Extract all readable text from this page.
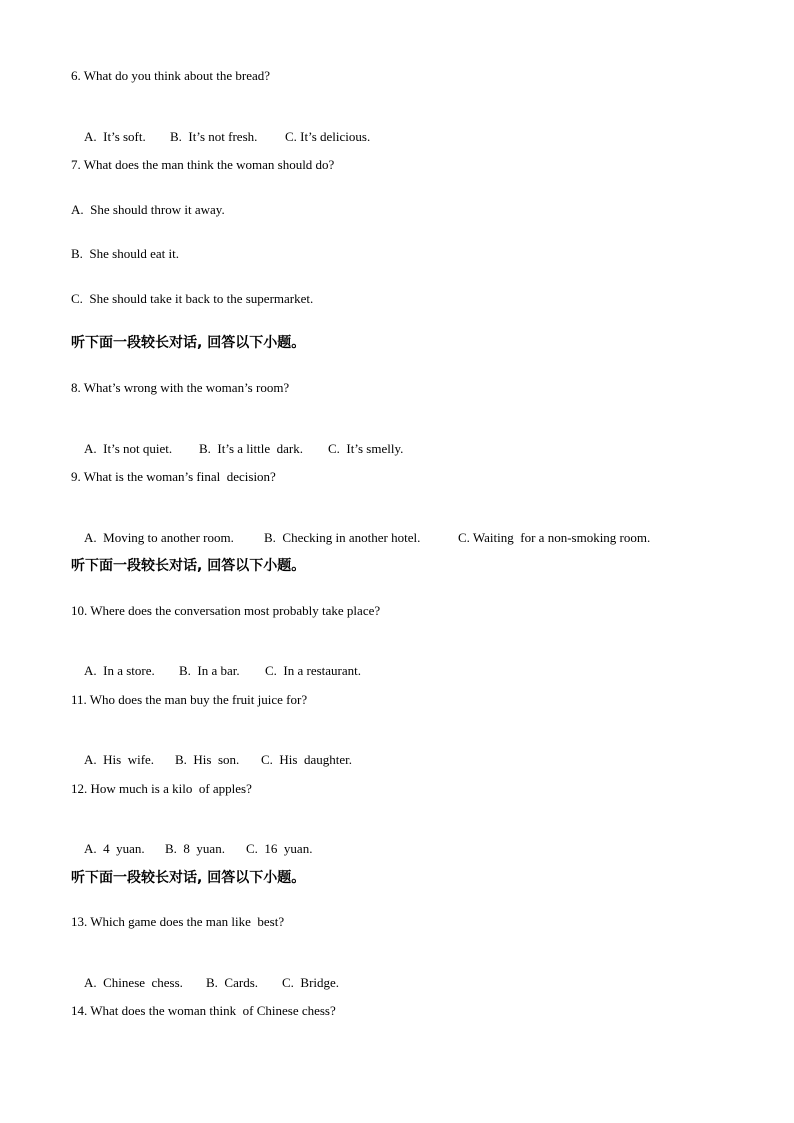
6. What do you think about the bread?

A.  It’s soft. B.  It’s not fresh. C. It’s delicious.

7. What does the man think the woman should do?
A.  She should throw it away.
B.  She should eat it.
C.  She should take it back to the supermarket.
听下面一段较长对话, 回答以下小题。
8. What’s wrong with the woman’s room?

A.  It’s not quiet. B.  It’s a little  dark. C.  It’s smelly.

9. What is the woman’s final  decision?

A.  Moving to another room. B.  Checking in another hotel.	C. Waiting  for a non-smoking room.

听下面一段较长对话, 回答以下小题。
10. Where does the conversation most probably take place?

A.  In a store. B.  In a bar. C.  In a restaurant.

11. Who does the man buy the fruit juice for?

A.  His  wife. B.  His  son. C.  His  daughter.

12. How much is a kilo  of apples?

A.  4  yuan. B.  8  yuan. C.  16  yuan.

听下面一段较长对话, 回答以下小题。
13. Which game does the man like  best?

A.  Chinese  chess. B.  Cards. C.  Bridge.

14. What does the woman think  of Chinese chess?
